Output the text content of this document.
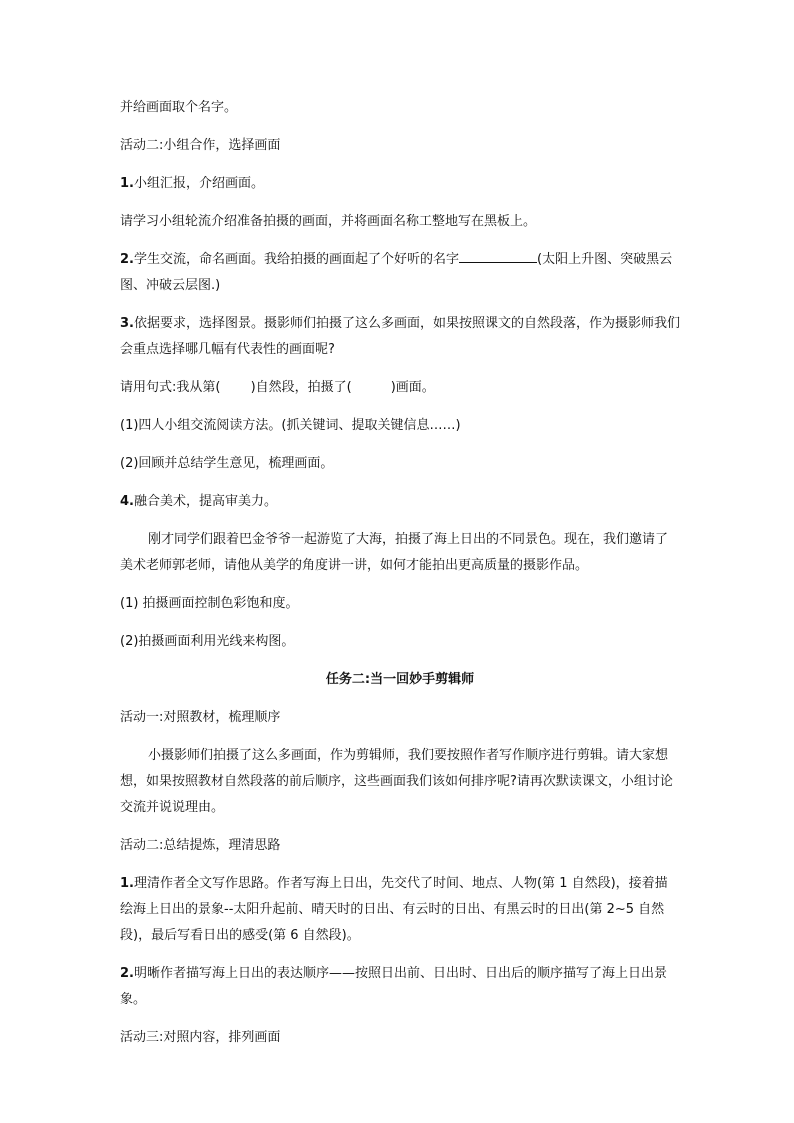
并给画面取个名字。

活动二:小组合作，选择画面

1.小组汇报，介绍画面。

请学习小组轮流介绍准备拍摄的画面，并将画面名称工整地写在黑板上。

2.学生交流，命名画面。我给拍摄的画面起了个好听的名字	(太阳上升图、突破黑云图、冲破云层图.)

3.依据要求，选择图景。摄影师们拍摄了这么多画面，如果按照课文的自然段落，作为摄影师我们会重点选择哪几幅有代表性的画面呢?

请用句式:我从第(　　 )自然段，拍摄了(　　　)画面。

(1)四人小组交流阅读方法。(抓关键词、提取关键信息……)

(2)回顾并总结学生意见，梳理画面。

4.融合美术，提高审美力。

刚才同学们跟着巴金爷爷一起游览了大海，拍摄了海上日出的不同景色。现在，我们邀请了美术老师郭老师，请他从美学的角度讲一讲，如何才能拍出更高质量的摄影作品。

(1) 拍摄画面控制色彩饱和度。

(2)拍摄画面利用光线来构图。

任务二:当一回妙手剪辑师

活动一:对照教材，梳理顺序

小摄影师们拍摄了这么多画面，作为剪辑师，我们要按照作者写作顺序进行剪辑。请大家想想，如果按照教材自然段落的前后顺序，这些画面我们该如何排序呢?请再次默读课文，小组讨论交流并说说理由。

活动二:总结提炼，理清思路

1.理清作者全文写作思路。作者写海上日出，先交代了时间、地点、人物(第 1 自然段)，接着描绘海上日出的景象--太阳升起前、晴天时的日出、有云时的日出、有黑云时的日出(第 2~5 自然段)，最后写看日出的感受(第 6 自然段)。

2.明晰作者描写海上日出的表达顺序——按照日出前、日出时、日出后的顺序描写了海上日出景象。

活动三:对照内容，排列画面
